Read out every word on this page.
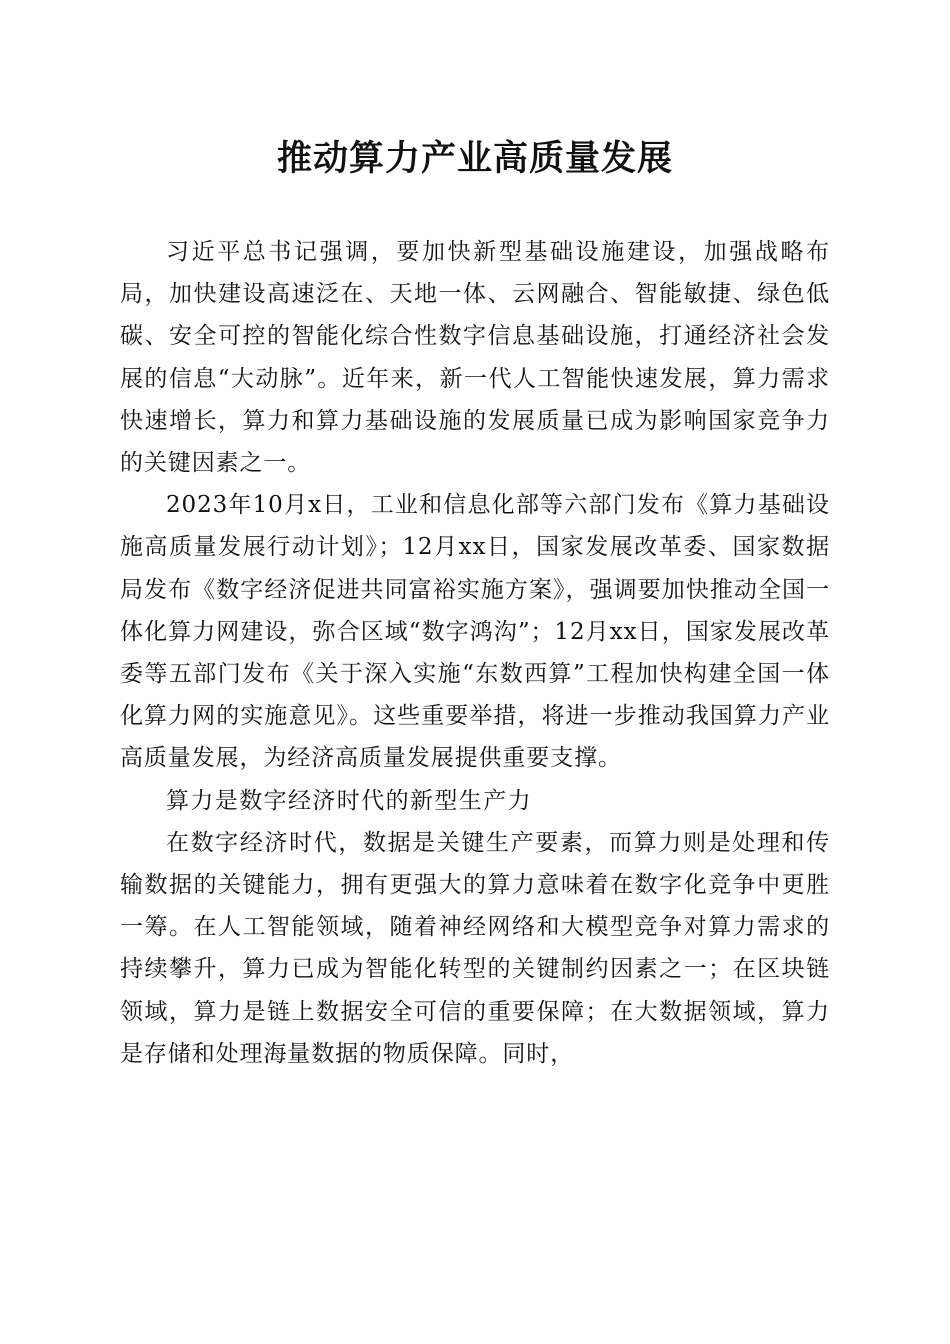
推动算力产业高质量发展

习近平总书记强调，要加快新型基础设施建设，加强战略布局，加快建设高速泛在、天地一体、云网融合、智能敏捷、绿色低碳、安全可控的智能化综合性数字信息基础设施，打通经济社会发展的信息“大动脉”。近年来，新一代人工智能快速发展，算力需求快速增长，算力和算力基础设施的发展质量已成为影响国家竞争力的关键因素之一。

2023年10月x日，工业和信息化部等六部门发布《算力基础设施高质量发展行动计划》；12月xx日，国家发展改革委、国家数据局发布《数字经济促进共同富裕实施方案》，强调要加快推动全国一体化算力网建设，弥合区域“数字鸿沟”；12月xx日，国家发展改革委等五部门发布《关于深入实施“东数西算”工程加快构建全国一体化算力网的实施意见》。这些重要举措，将进一步推动我国算力产业高质量发展，为经济高质量发展提供重要支撑。

算力是数字经济时代的新型生产力

在数字经济时代，数据是关键生产要素，而算力则是处理和传输数据的关键能力，拥有更强大的算力意味着在数字化竞争中更胜一筹。在人工智能领域，随着神经网络和大模型竞争对算力需求的持续攀升，算力已成为智能化转型的关键制约因素之一；在区块链领域，算力是链上数据安全可信的重要保障；在大数据领域，算力是存储和处理海量数据的物质保障。同时，
